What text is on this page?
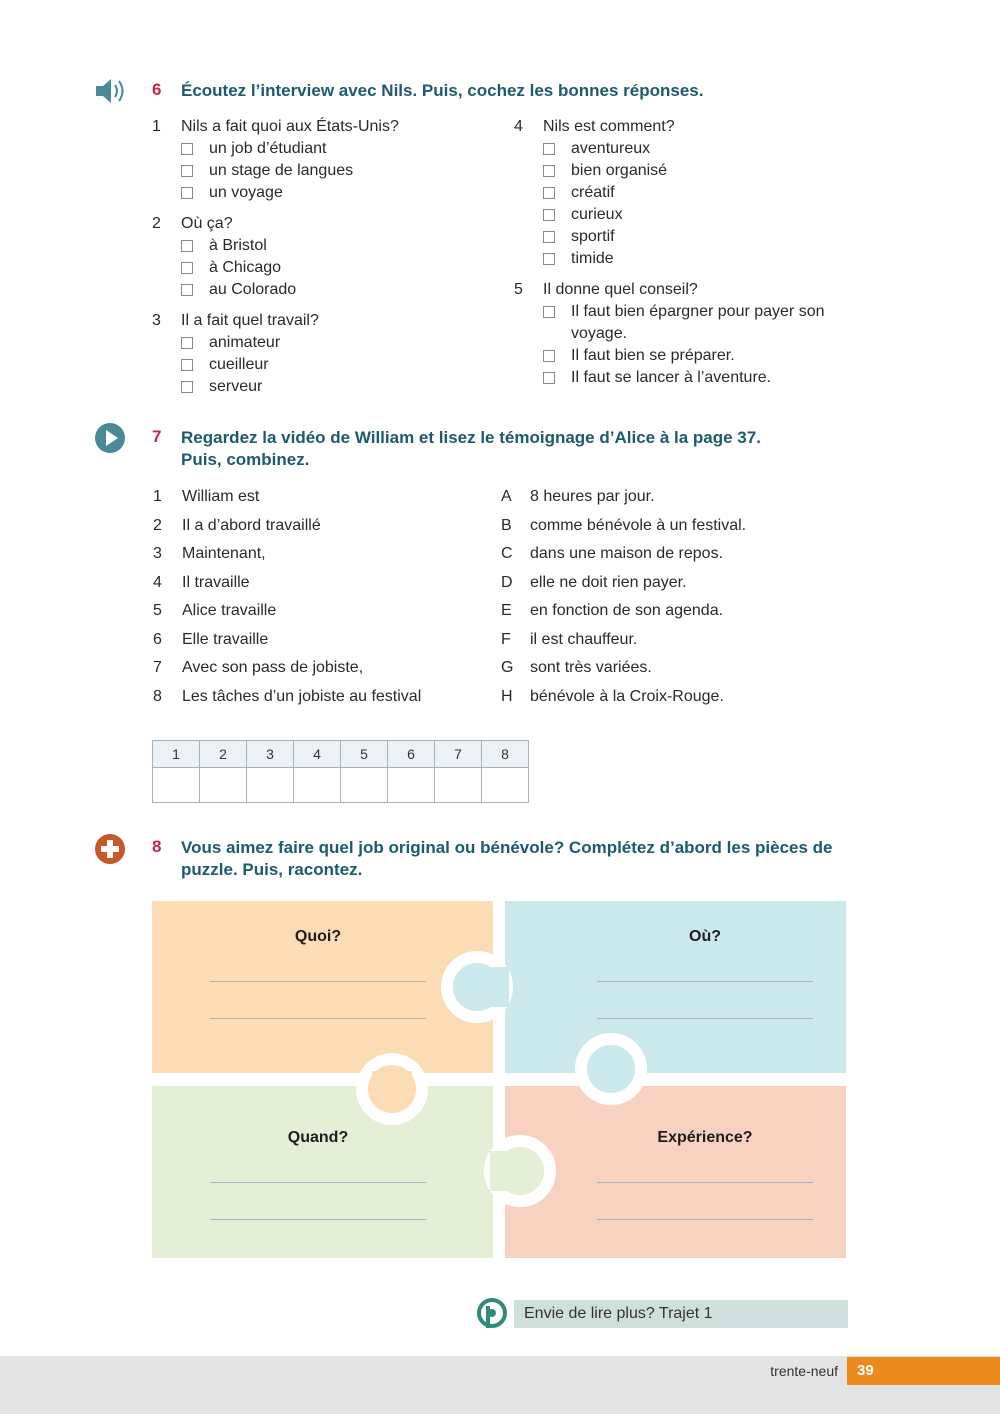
6 Écoutez l’interview avec Nils. Puis, cochez les bonnes réponses.
1 Nils a fait quoi aux États-Unis?
un job d’étudiant
un stage de langues
un voyage
2 Où ça?
à Bristol
à Chicago
au Colorado
3 Il a fait quel travail?
animateur
cueilleur
serveur
4 Nils est comment?
aventureux
bien organisé
créatif
curieux
sportif
timide
5 Il donne quel conseil?
Il faut bien épargner pour payer son
voyage.
Il faut bien se préparer.
Il faut se lancer à l’aventure.
7 Regardez la vidéo de William et lisez le témoignage d’Alice à la page 37.
Puis, combinez.
1 William est
2 Il a d’abord travaillé
3 Maintenant,
4 Il travaille
5 Alice travaille
6 Elle travaille
7 Avec son pass de jobiste,
8 Les tâches d’un jobiste au festival
A 8 heures par jour.
B comme bénévole à un festival.
C dans une maison de repos.
D elle ne doit rien payer.
E en fonction de son agenda.
F il est chauffeur.
G sont très variées.
H bénévole à la Croix-Rouge.
1	2	3	4	5	6	7	8

8 Vous aimez faire quel job original ou bénévole? Complétez d’abord les pièces de
puzzle. Puis, racontez.
Quoi?	Où?
Quand?	Expérience?
Envie de lire plus? Trajet 1
trente-neuf	39
